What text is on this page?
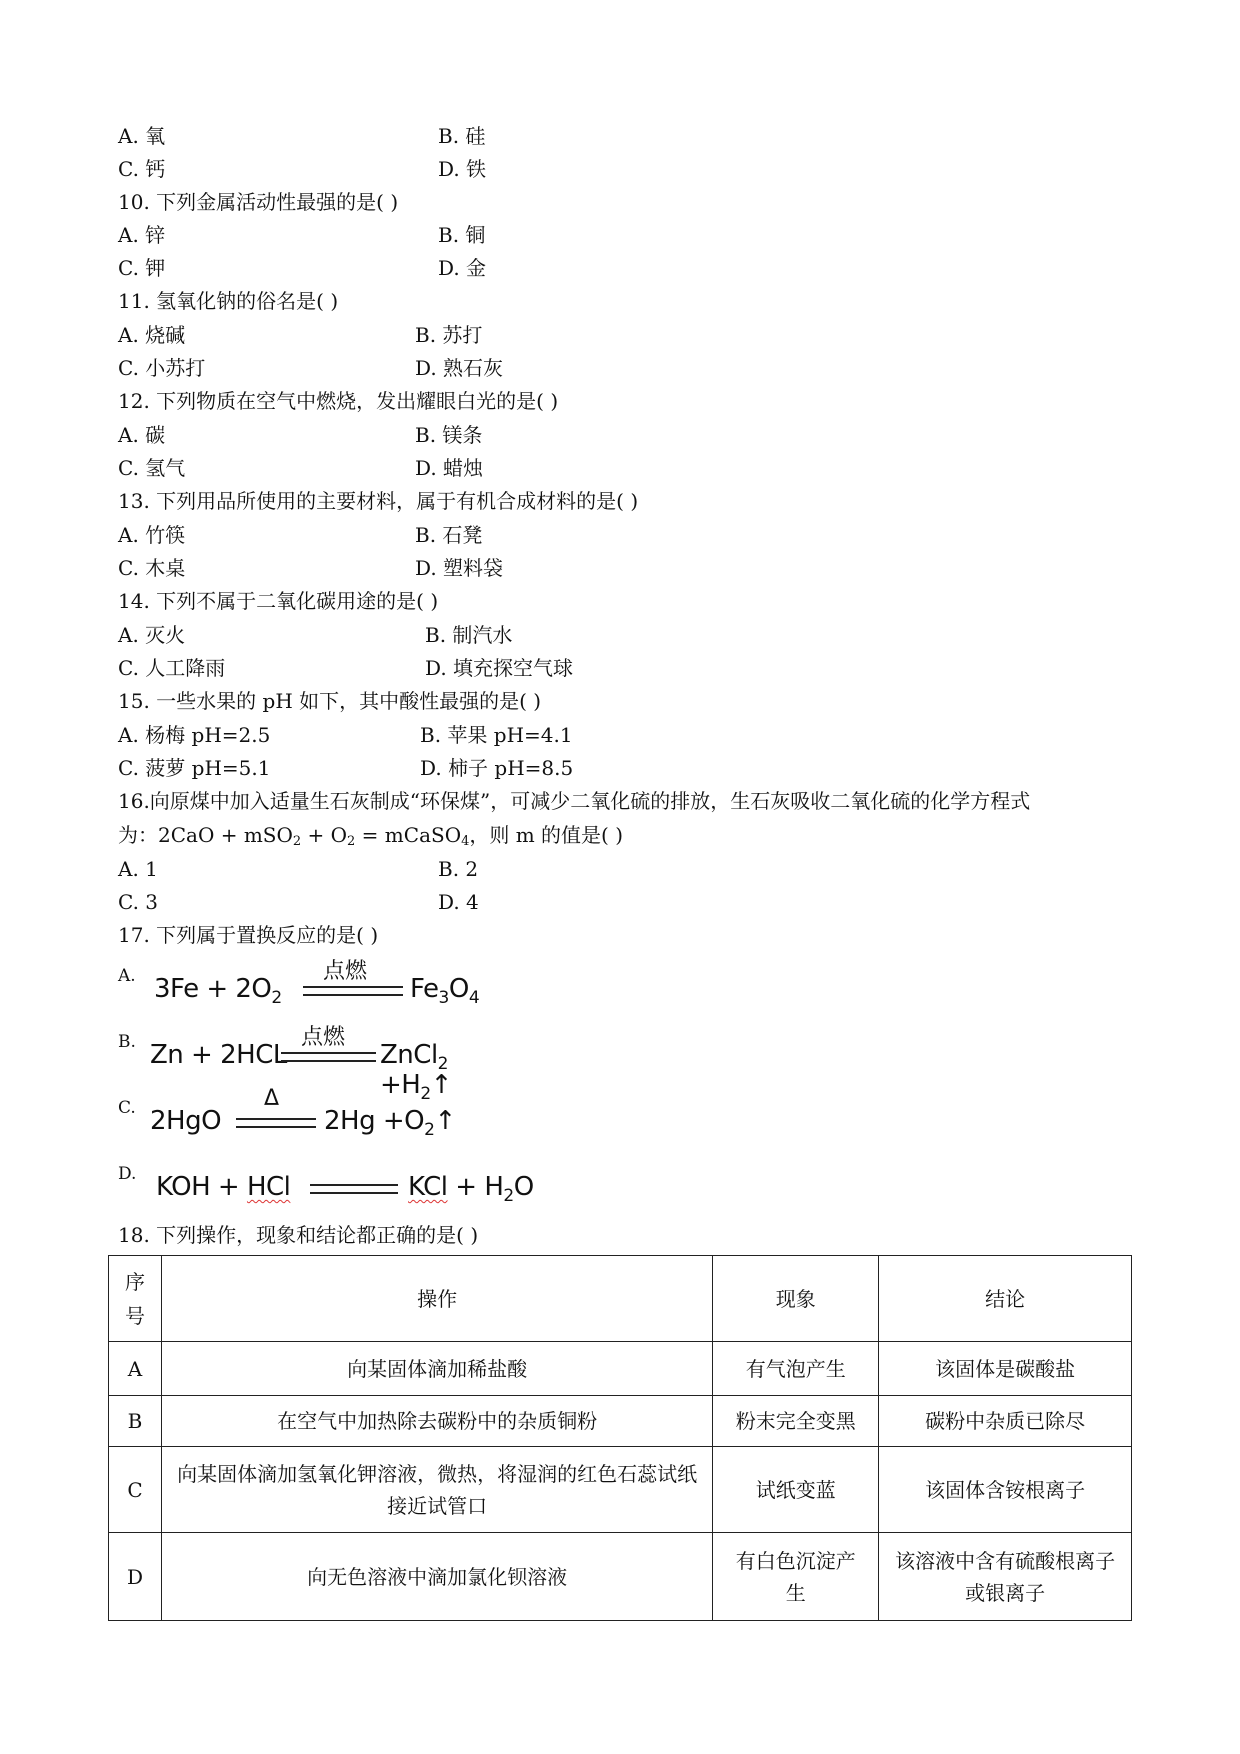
A. 氧	B. 硅
C. 钙	D. 铁
10. 下列金属活动性最强的是( )
A. 锌	B. 铜
C. 钾	D. 金
11. 氢氧化钠的俗名是( )
A. 烧碱	B. 苏打
C. 小苏打	D. 熟石灰
12. 下列物质在空气中燃烧，发出耀眼白光的是( )
A. 碳	B. 镁条
C. 氢气	D. 蜡烛
13. 下列用品所使用的主要材料，属于有机合成材料的是( )
A. 竹筷	B. 石凳
C. 木桌	D. 塑料袋
14. 下列不属于二氧化碳用途的是( )
A. 灭火	B. 制汽水
C. 人工降雨	D. 填充探空气球
15. 一些水果的 pH 如下，其中酸性最强的是( )
A. 杨梅 pH=2.5	B. 苹果 pH=4.1
C. 菠萝 pH=5.1	D. 柿子 pH=8.5
16.向原煤中加入适量生石灰制成“环保煤”，可减少二氧化硫的排放，生石灰吸收二氧化硫的化学方程式
为：$2CaO + mSO_2 + O_2$ = mCaSO$_4$，则 m 的值是( )
A. 1	B. 2
C. 3	D. 4
17. 下列属于置换反应的是( )
A. $3Fe + 2O_2$
点燃
$Fe_3O_4$
B. Zn + 2HCL
点燃
ZnCl$_2$ $+H_2↑$
C. 2HgO
Δ
$2Hg +O_2↑$
D. KOH + HCl	KCl + $H_2O$
18. 下列操作，现象和结论都正确的是( )
序号	操作	现象	结论
A	向某固体滴加稀盐酸	有气泡产生	该固体是碳酸盐
B	在空气中加热除去碳粉中的杂质铜粉	粉末完全变黑	碳粉中杂质已除尽
C	向某固体滴加氢氧化钾溶液，微热，将湿润的红色石蕊试纸接近试管口	试纸变蓝	该固体含铵根离子
D	向无色溶液中滴加氯化钡溶液	有白色沉淀产生	该溶液中含有硫酸根离子或银离子
